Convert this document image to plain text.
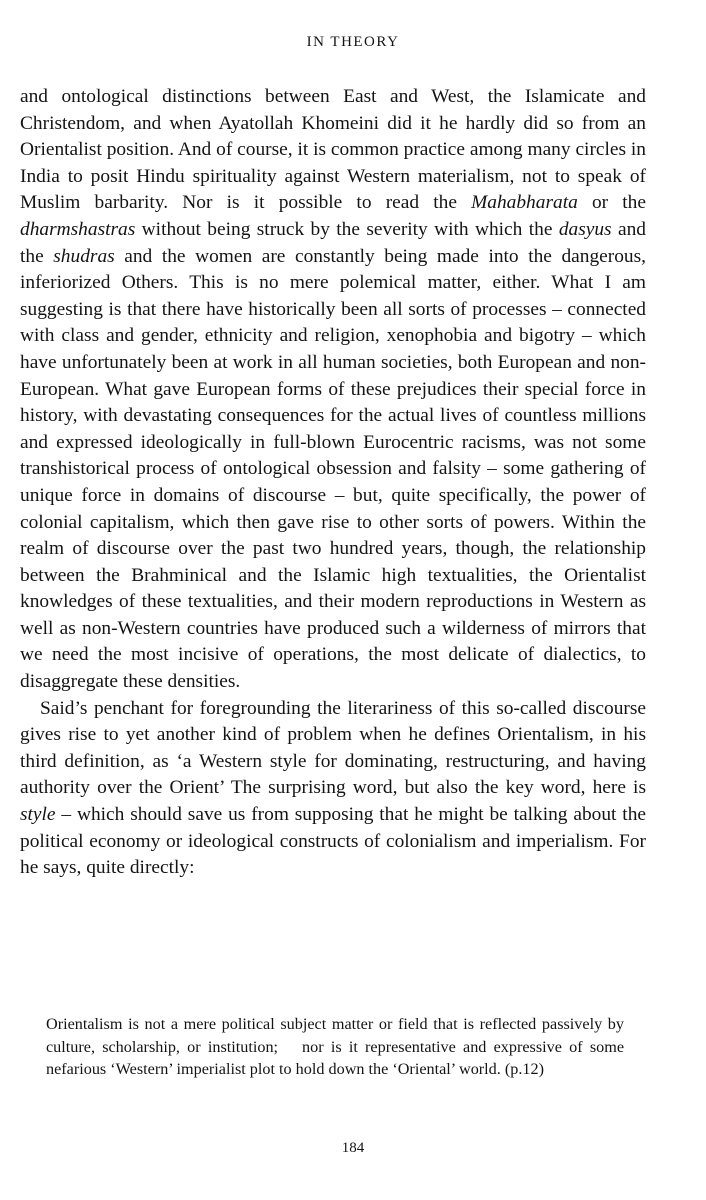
IN THEORY

and ontological distinctions between East and West, the Islamicate and Christendom, and when Ayatollah Khomeini did it he hardly did so from an Orientalist position. And of course, it is common practice among many circles in India to posit Hindu spirituality against Western materialism, not to speak of Muslim barbarity. Nor is it possible to read the Mahabharata or the dharmshastras without being struck by the severity with which the dasyus and the shudras and the women are constantly being made into the dangerous, inferiorized Others. This is no mere polemical matter, either. What I am suggesting is that there have historically been all sorts of processes – connected with class and gender, ethnicity and religion, xenophobia and bigotry – which have unfortunately been at work in all human societies, both European and non-European. What gave European forms of these prejudices their special force in history, with devastating consequences for the actual lives of countless millions and expressed ideologically in full-blown Eurocentric racisms, was not some transhistorical process of ontological obsession and falsity – some gathering of unique force in domains of discourse – but, quite specifically, the power of colonial capitalism, which then gave rise to other sorts of powers. Within the realm of discourse over the past two hundred years, though, the relationship between the Brahminical and the Islamic high textualities, the Orientalist knowledges of these textualities, and their modern reproductions in Western as well as non-Western countries have produced such a wilderness of mirrors that we need the most incisive of operations, the most delicate of dialectics, to disaggregate these densities.

Said’s penchant for foregrounding the literariness of this so-called discourse gives rise to yet another kind of problem when he defines Orientalism, in his third definition, as ‘a Western style for dominating, restructuring, and having authority over the Orient’ The surprising word, but also the key word, here is style – which should save us from supposing that he might be talking about the political economy or ideological constructs of colonialism and imperialism. For he says, quite directly:

Orientalism is not a mere political subject matter or field that is reflected passively by culture, scholarship, or institution; nor is it representative and expressive of some nefarious ‘Western’ imperialist plot to hold down the ‘Oriental’ world. (p.12)

184
